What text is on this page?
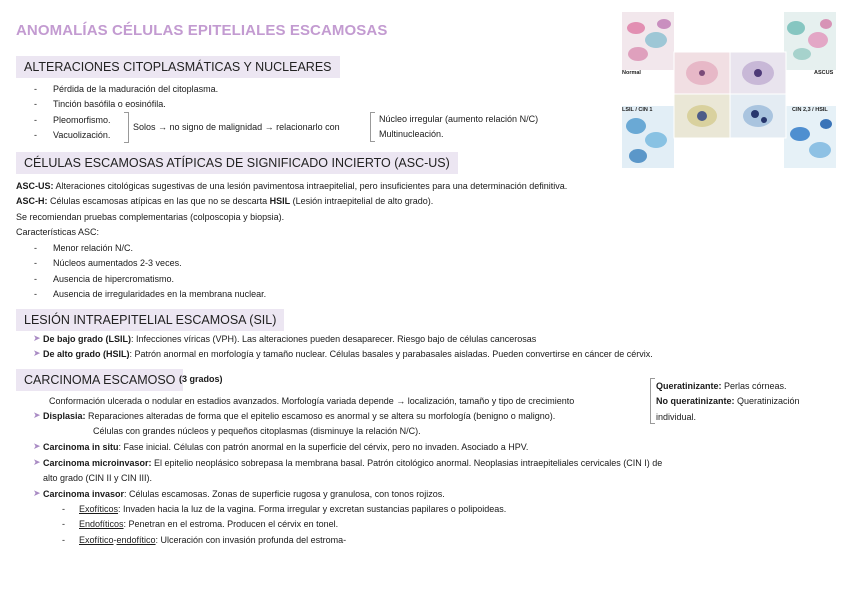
ANOMALÍAS CÉLULAS EPITELIALES ESCAMOSAS
ALTERACIONES CITOPLASMÁTICAS Y NUCLEARES
- Pérdida de la maduración del citoplasma.
- Tinción basófila o eosinófila.
- Pleomorfismo.
- Vacuolización.
Solos → no signo de malignidad → relacionarlo con
Núcleo irregular (aumento relación N/C)
Multinucleación.
CÉLULAS ESCAMOSAS ATÍPICAS DE SIGNIFICADO INCIERTO (ASC-US)
ASC-US: Alteraciones citológicas sugestivas de una lesión pavimentosa intraepitelial, pero insuficientes para una determinación definitiva.
ASC-H: Células escamosas atípicas en las que no se descarta HSIL (Lesión intraepitelial de alto grado).
Se recomiendan pruebas complementarias (colposcopia y biopsia).
Características ASC:
- Menor relación N/C.
- Núcleos aumentados 2-3 veces.
- Ausencia de hipercromatismo.
- Ausencia de irregularidades en la membrana nuclear.
LESIÓN INTRAEPITELIAL ESCAMOSA (SIL)
➤ De bajo grado (LSIL): Infecciones víricas (VPH). Las alteraciones pueden desaparecer. Riesgo bajo de células cancerosas
➤ De alto grado (HSIL): Patrón anormal en morfología y tamaño nuclear. Células basales y parabasales aisladas. Pueden convertirse en cáncer de cérvix.
CARCINOMA ESCAMOSO (3 grados)
Conformación ulcerada o nodular en estadios avanzados. Morfología variada depende → localización, tamaño y tipo de crecimiento
Queratinizante: Perlas córneas.
No queratinizante: Queratinización
individual.
➤ Displasia: Reparaciones alteradas de forma que el epitelio escamoso es anormal y se altera su morfología (benigno o maligno).
Células con grandes núcleos y pequeños citoplasmas (disminuye la relación N/C).
➤ Carcinoma in situ: Fase inicial. Células con patrón anormal en la superficie del cérvix, pero no invaden. Asociado a HPV.
➤ Carcinoma microinvasor: El epitelio neoplásico sobrepasa la membrana basal. Patrón citológico anormal. Neoplasias intraepiteliales cervicales (CIN I) de
alto grado (CIN II y CIN III).
➤ Carcinoma invasor: Células escamosas. Zonas de superficie rugosa y granulosa, con tonos rojizos.
- Exofíticos: Invaden hacia la luz de la vagina. Forma irregular y excretan sustancias papilares o polipoideas.
- Endofíticos: Penetran en el estroma. Producen el cérvix en tonel.
- Exofítico-endofítico: Ulceración con invasión profunda del estroma-
Normal	ASCUS
LSIL / CIN 1	CIN 2,3 / HSIL
